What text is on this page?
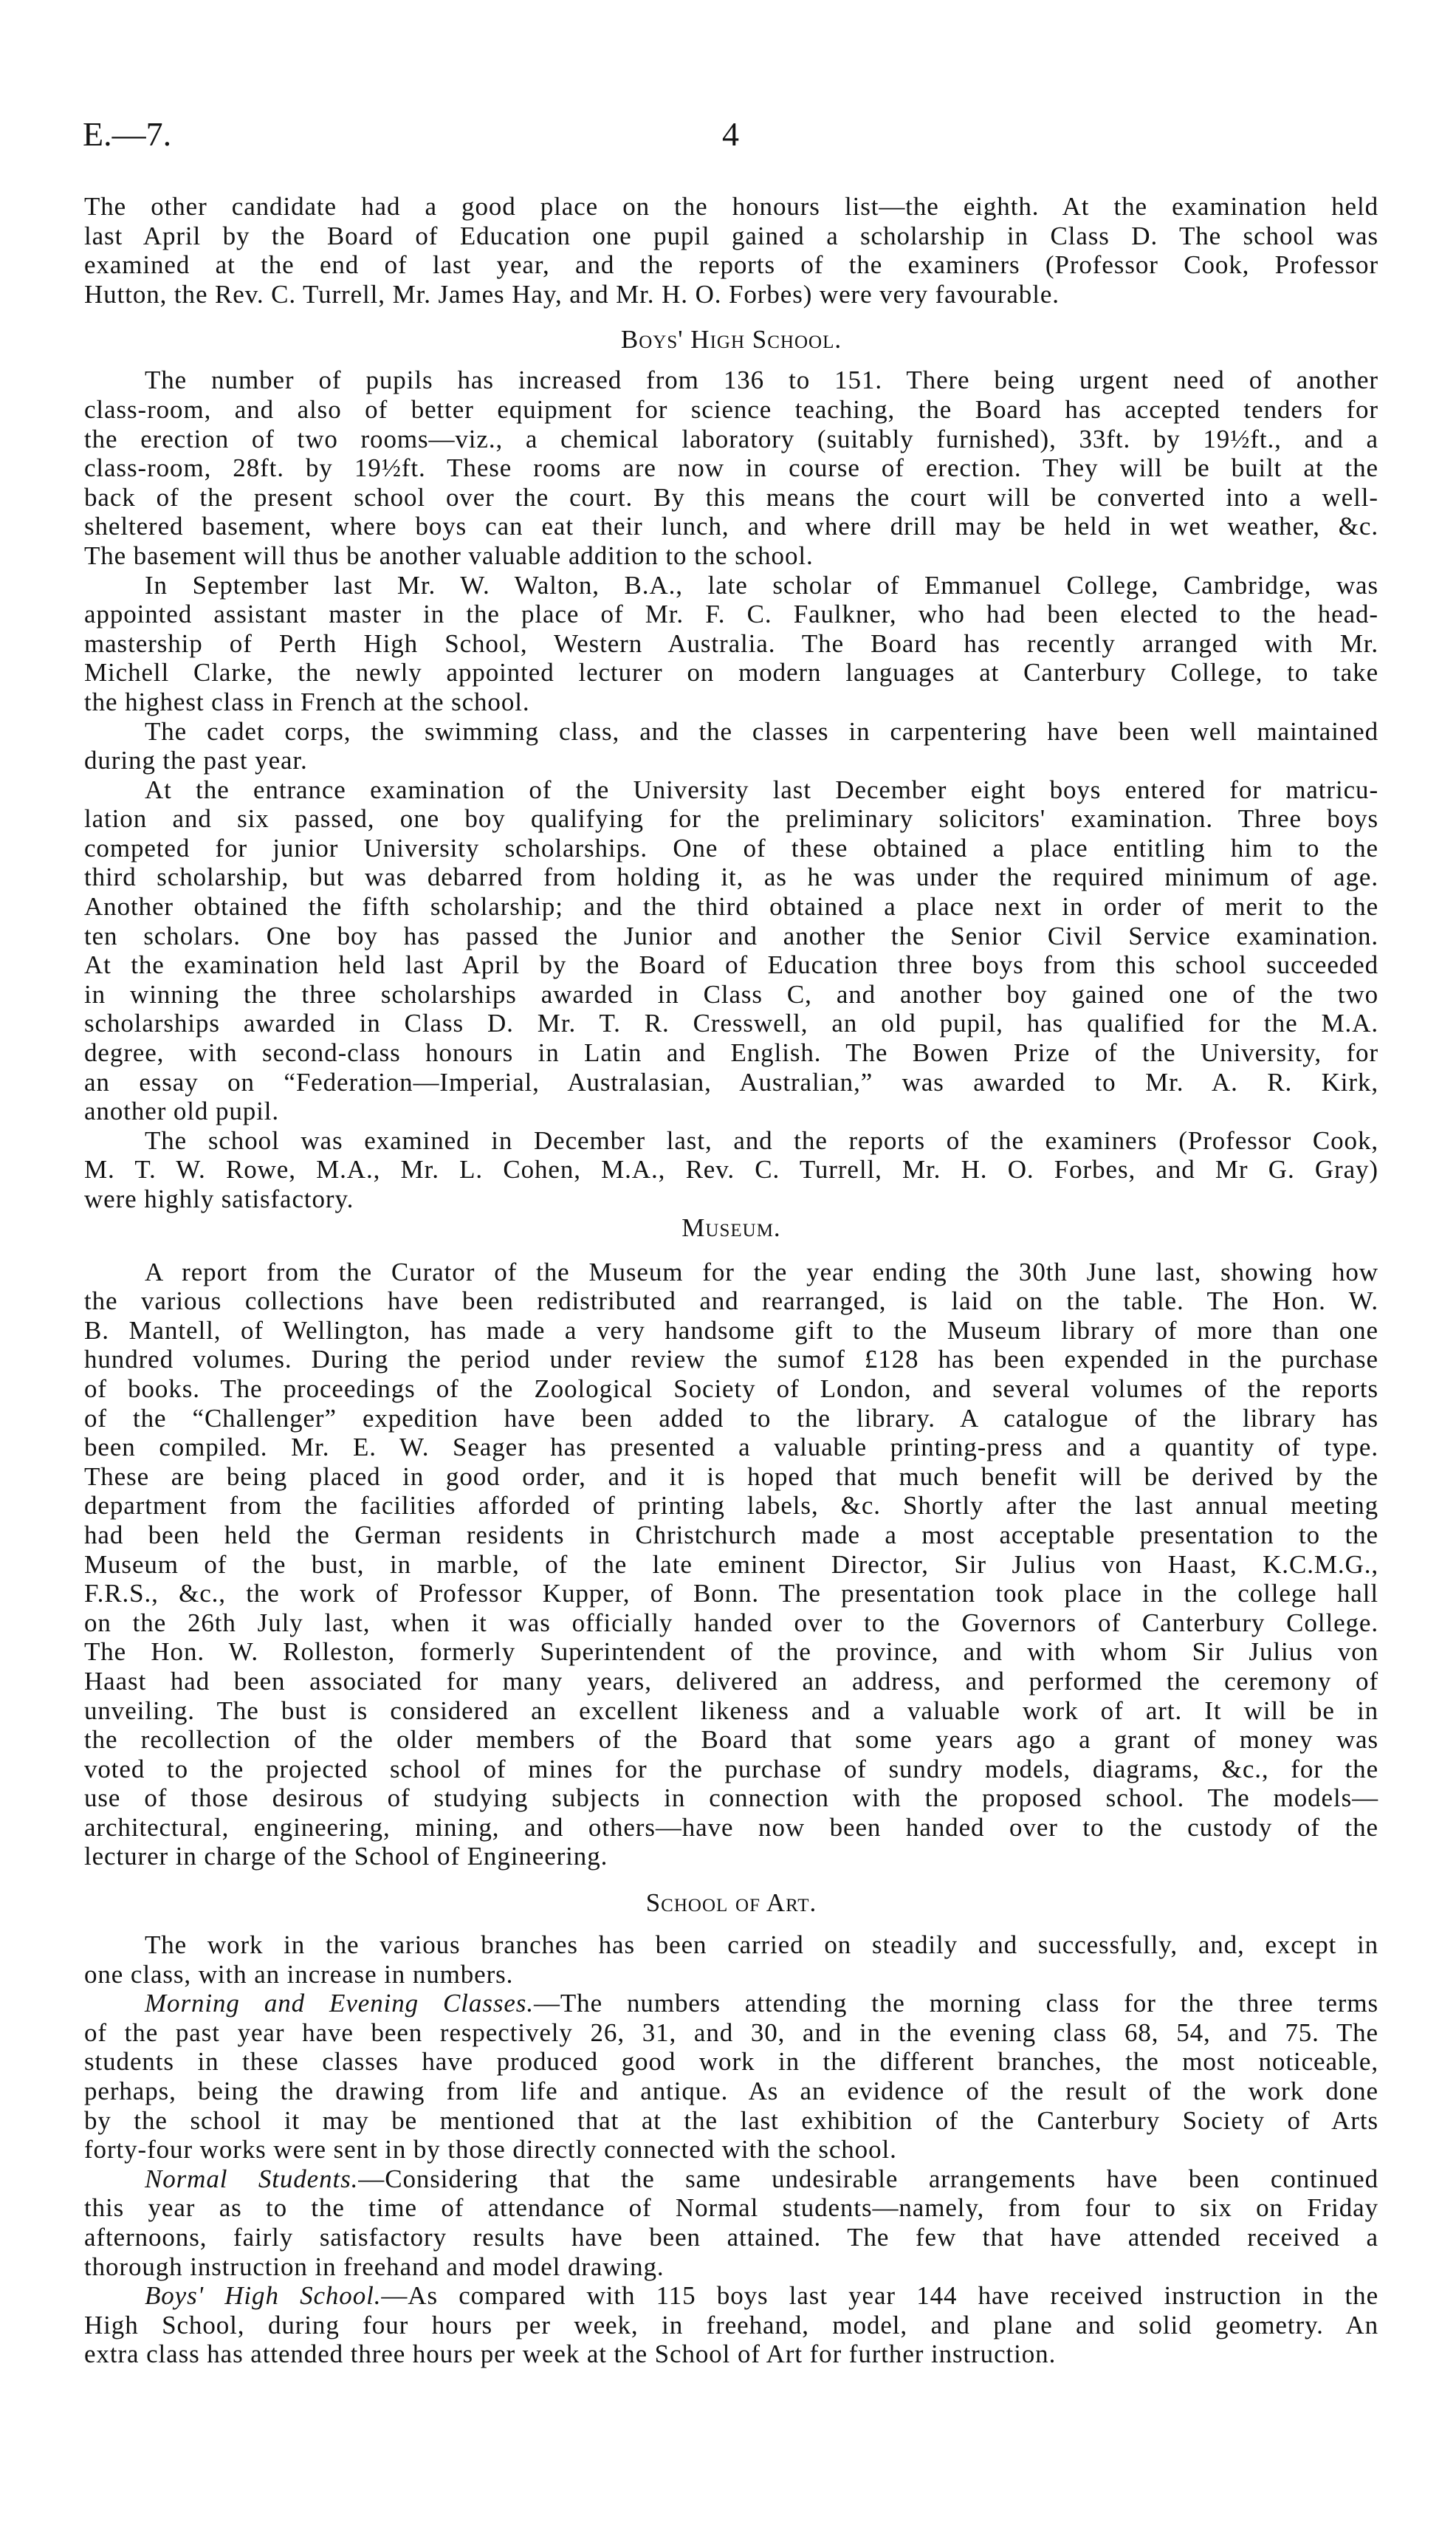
E.—7.	4
The other candidate had a good place on the honours list—the eighth. At the examination held
last April by the Board of Education one pupil gained a scholarship in Class D. The school was
examined at the end of last year, and the reports of the examiners (Professor Cook, Professor
Hutton, the Rev. C. Turrell, Mr. James Hay, and Mr. H. O. Forbes) were very favourable.
Boys' High School.
The number of pupils has increased from 136 to 151. There being urgent need of another
class-room, and also of better equipment for science teaching, the Board has accepted tenders for
the erection of two rooms—viz., a chemical laboratory (suitably furnished), 33ft. by 19½ft., and a
class-room, 28ft. by 19½ft. These rooms are now in course of erection. They will be built at the
back of the present school over the court. By this means the court will be converted into a well-
sheltered basement, where boys can eat their lunch, and where drill may be held in wet weather, &c.
The basement will thus be another valuable addition to the school.
In September last Mr. W. Walton, B.A., late scholar of Emmanuel College, Cambridge, was
appointed assistant master in the place of Mr. F. C. Faulkner, who had been elected to the head-
mastership of Perth High School, Western Australia. The Board has recently arranged with Mr.
Michell Clarke, the newly appointed lecturer on modern languages at Canterbury College, to take
the highest class in French at the school.
The cadet corps, the swimming class, and the classes in carpentering have been well maintained
during the past year.
At the entrance examination of the University last December eight boys entered for matricu-
lation and six passed, one boy qualifying for the preliminary solicitors' examination. Three boys
competed for junior University scholarships. One of these obtained a place entitling him to the
third scholarship, but was debarred from holding it, as he was under the required minimum of age.
Another obtained the fifth scholarship; and the third obtained a place next in order of merit to the
ten scholars. One boy has passed the Junior and another the Senior Civil Service examination.
At the examination held last April by the Board of Education three boys from this school succeeded
in winning the three scholarships awarded in Class C, and another boy gained one of the two
scholarships awarded in Class D. Mr. T. R. Cresswell, an old pupil, has qualified for the M.A.
degree, with second-class honours in Latin and English. The Bowen Prize of the University, for
an essay on “Federation—Imperial, Australasian, Australian,” was awarded to Mr. A. R. Kirk,
another old pupil.
The school was examined in December last, and the reports of the examiners (Professor Cook,
M. T. W. Rowe, M.A., Mr. L. Cohen, M.A., Rev. C. Turrell, Mr. H. O. Forbes, and Mr G. Gray)
were highly satisfactory.
Museum.
A report from the Curator of the Museum for the year ending the 30th June last, showing how
the various collections have been redistributed and rearranged, is laid on the table. The Hon. W.
B. Mantell, of Wellington, has made a very handsome gift to the Museum library of more than one
hundred volumes. During the period under review the sumof £128 has been expended in the purchase
of books. The proceedings of the Zoological Society of London, and several volumes of the reports
of the “Challenger” expedition have been added to the library. A catalogue of the library has
been compiled. Mr. E. W. Seager has presented a valuable printing-press and a quantity of type.
These are being placed in good order, and it is hoped that much benefit will be derived by the
department from the facilities afforded of printing labels, &c. Shortly after the last annual meeting
had been held the German residents in Christchurch made a most acceptable presentation to the
Museum of the bust, in marble, of the late eminent Director, Sir Julius von Haast, K.C.M.G.,
F.R.S., &c., the work of Professor Kupper, of Bonn. The presentation took place in the college hall
on the 26th July last, when it was officially handed over to the Governors of Canterbury College.
The Hon. W. Rolleston, formerly Superintendent of the province, and with whom Sir Julius von
Haast had been associated for many years, delivered an address, and performed the ceremony of
unveiling. The bust is considered an excellent likeness and a valuable work of art. It will be in
the recollection of the older members of the Board that some years ago a grant of money was
voted to the projected school of mines for the purchase of sundry models, diagrams, &c., for the
use of those desirous of studying subjects in connection with the proposed school. The models—
architectural, engineering, mining, and others—have now been handed over to the custody of the
lecturer in charge of the School of Engineering.
School of Art.
The work in the various branches has been carried on steadily and successfully, and, except in
one class, with an increase in numbers.
Morning and Evening Classes.—The numbers attending the morning class for the three terms
of the past year have been respectively 26, 31, and 30, and in the evening class 68, 54, and 75. The
students in these classes have produced good work in the different branches, the most noticeable,
perhaps, being the drawing from life and antique. As an evidence of the result of the work done
by the school it may be mentioned that at the last exhibition of the Canterbury Society of Arts
forty-four works were sent in by those directly connected with the school.
Normal Students.—Considering that the same undesirable arrangements have been continued
this year as to the time of attendance of Normal students—namely, from four to six on Friday
afternoons, fairly satisfactory results have been attained. The few that have attended received a
thorough instruction in freehand and model drawing.
Boys' High School.—As compared with 115 boys last year 144 have received instruction in the
High School, during four hours per week, in freehand, model, and plane and solid geometry. An
extra class has attended three hours per week at the School of Art for further instruction.
